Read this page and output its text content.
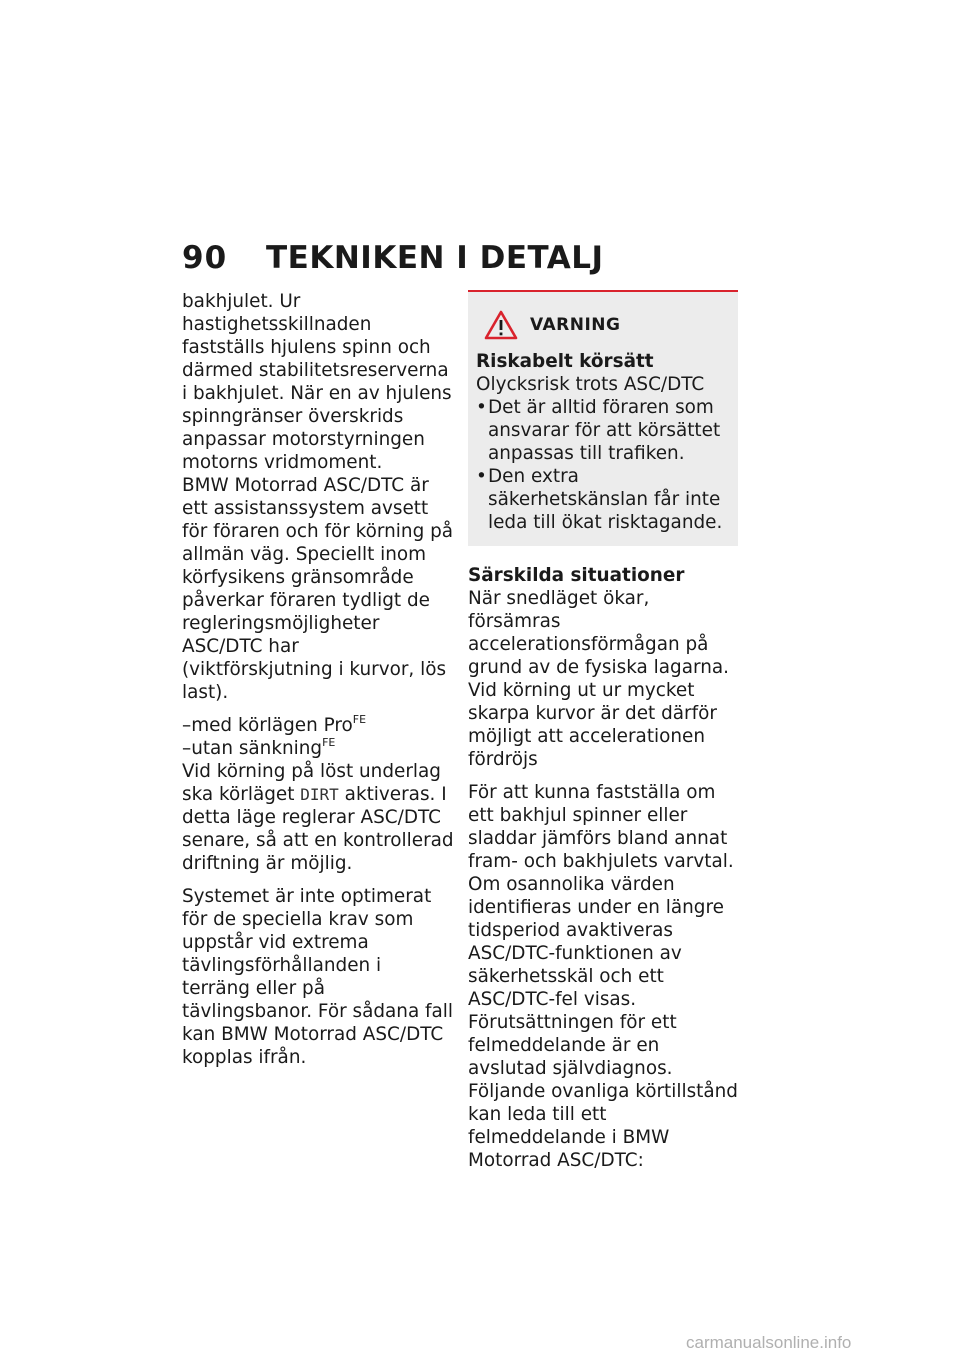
90	TEKNIKEN I DETALJ

bakhjulet. Ur hastighetsskillnaden fastställs hjulens spinn och därmed stabilitetsreserverna i bakhjulet. När en av hjulens spinngränser överskrids anpassar motorstyrningen motorns vridmoment.

BMW Motorrad ASC/DTC är ett assistanssystem avsett för föraren och för körning på allmän väg. Speciellt inom körfysikens gränsområde påverkar föraren tydligt de regleringsmöjligheter ASC/DTC har (viktförskjutning i kurvor, lös last).

–med körlägen Pro$^{FE}$
–utan sänkning$^{FE}$

Vid körning på löst underlag ska körläget DIRT aktiveras. I detta läge reglerar ASC/DTC senare, så att en kontrollerad driftning är möjlig.

Systemet är inte optimerat för de speciella krav som uppstår vid extrema tävlingsförhållanden i terräng eller på tävlingsbanor. För sådana fall kan BMW Motorrad ASC/DTC kopplas ifrån.

VARNING

Riskabelt körsätt

Olycksrisk trots ASC/DTC

• Det är alltid föraren som ansvarar för att körsättet anpassas till trafiken.
• Den extra säkerhetskänslan får inte leda till ökat risktagande.

Särskilda situationer

När snedläget ökar, försämras accelerationsförmågan på grund av de fysiska lagarna. Vid körning ut ur mycket skarpa kurvor är det därför möjligt att accelerationen fördröjs

För att kunna fastställa om ett bakhjul spinner eller sladdar jämförs bland annat fram- och bakhjulets varvtal. Om osannolika värden identifieras under en längre tidsperiod avaktiveras ASC/DTC-funktionen av säkerhetsskäl och ett ASC/DTC-fel visas. Förutsättningen för ett felmeddelande är en avslutad självdiagnos.

Följande ovanliga körtillstånd kan leda till ett felmeddelande i BMW Motorrad ASC/DTC:

carmanualsonline.info
